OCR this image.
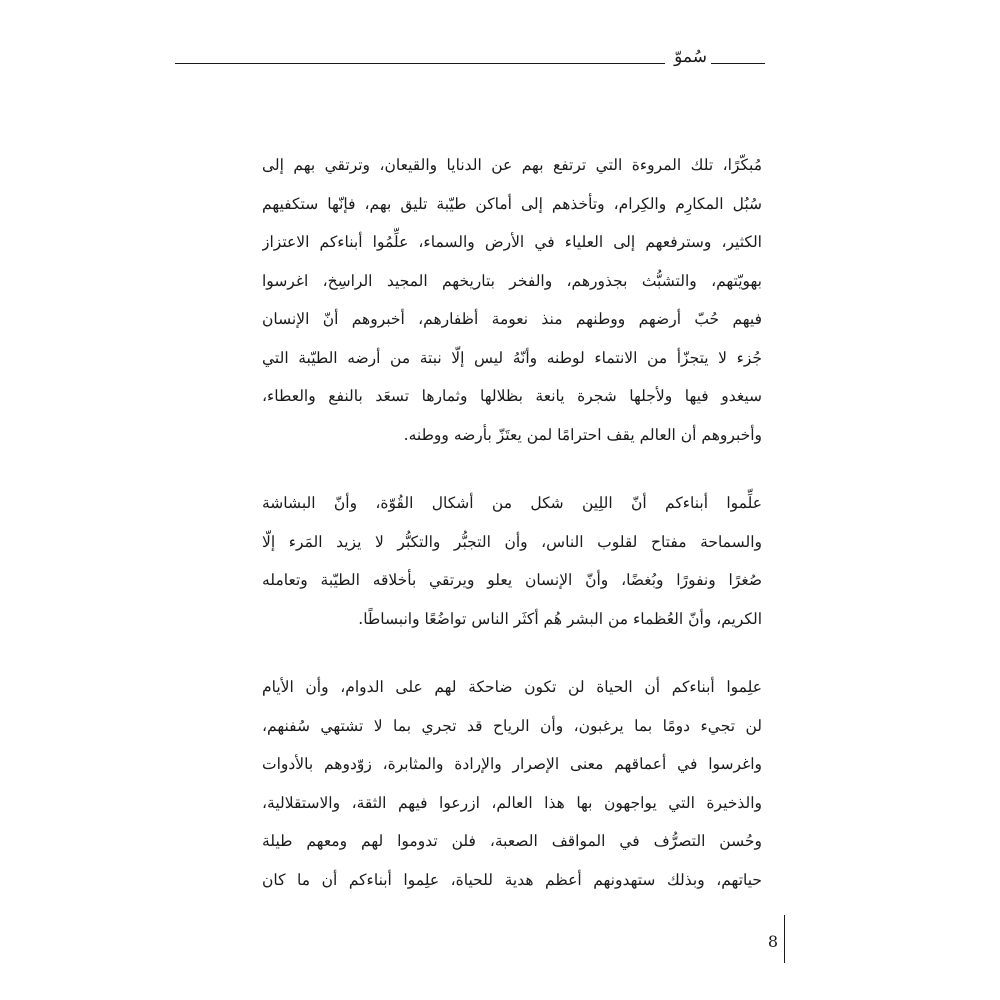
سُموّ

مُبكّرًا، تلك المروءة التي ترتفع بهم عن الدنايا والقيعان، وترتقي بهم إلى
سُبُل المكارِم والكِرام، وتأخذهم إلى أماكن طيّبة تليق بهم، فإنّها ستكفيهم
الكثير، وسترفعهم إلى العلياء في الأرض والسماء، علِّمُوا أبناءكم الاعتزاز
بهويّتهم، والتشبُّث بجذورهم، والفخر بتاريخهم المجيد الراسِخ، اغرسوا
فيهم حُبّ أرضهم ووطنهم منذ نعومة أظفارهم، أخبروهم أنّ الإنسان
جُزء لا يتجزّأ من الانتماء لوطنه وأنّهُ ليس إلّا نبتة من أرضه الطيّبة التي
سيغدو فيها ولأجلها شجرة يانعة بظلالها وثمارها تسعَد بالنفع والعطاء،
وأخبروهم أن العالم يقف احترامًا لمن يعتَزّ بأرضه ووطنه.

علِّموا أبناءكم أنّ اللِين شكل من أشكال القُوّة، وأنّ البشاشة
والسماحة مفتاح لقلوب الناس، وأن التجبُّر والتكبُّر لا يزيد المَرء إلّا
صُغرًا ونفورًا وبُغضًا، وأنّ الإنسان يعلو ويرتقي بأخلاقه الطيّبة وتعامله
الكريم، وأنّ العُظماء من البشر هُم أكثَر الناس تواضُعًا وانبساطًا.

علِموا أبناءكم أن الحياة لن تكون ضاحكة لهم على الدوام، وأن الأيام
لن تجيء دومًا بما يرغبون، وأن الرياح قد تجري بما لا تشتهي سُفنهم،
واغرسوا في أعماقهم معنى الإصرار والإرادة والمثابرة، زوّدوهم بالأدوات
والذخيرة التي يواجهون بها هذا العالم، ازرعوا فيهم الثقة، والاستقلالية،
وحُسن التصرُّف في المواقف الصعبة، فلن تدوموا لهم ومعهم طيلة
حياتهم، وبذلك ستهدونهم أعظم هدية للحياة، علِموا أبناءكم أن ما كان

8
